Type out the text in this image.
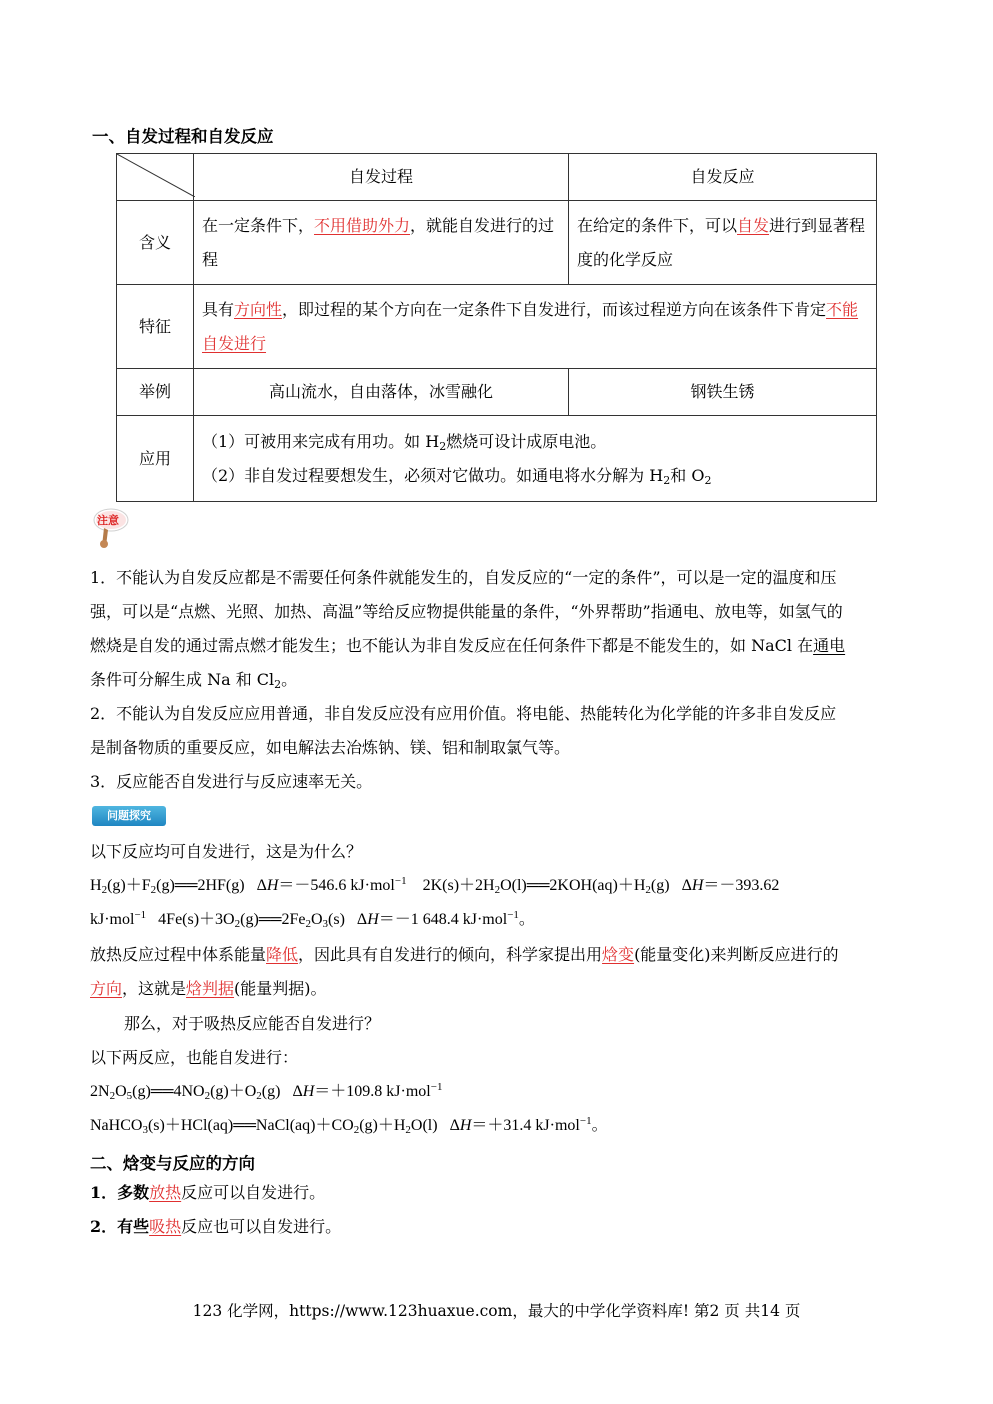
一、自发过程和自发反应
	自发过程	自发反应
含义	在一定条件下，不用借助外力，就能自发进行的过程	在给定的条件下，可以自发进行到显著程度的化学反应
特征	具有方向性，即过程的某个方向在一定条件下自发进行，而该过程逆方向在该条件下肯定不能自发进行	
举例	高山流水，自由落体，冰雪融化	钢铁生锈
应用	（1）可被用来完成有用功。如 $H_2$燃烧可设计成原电池。
（2）非自发过程要想发生，必须对它做功。如通电将水分解为 $H_2$和 $O_2$
注意
1．不能认为自发反应都是不需要任何条件就能发生的，自发反应的“一定的条件”，可以是一定的温度和压
强，可以是“点燃、光照、加热、高温”等给反应物提供能量的条件，“外界帮助”指通电、放电等，如氢气的
燃烧是自发的通过需点燃才能发生；也不能认为非自发反应在任何条件下都是不能发生的，如 NaCl 在通电
条件可分解生成 Na 和 $Cl_2$。
2．不能认为自发反应应用普通，非自发反应没有应用价值。将电能、热能转化为化学能的许多非自发反应
是制备物质的重要反应，如电解法去冶炼钠、镁、铝和制取氯气等。
3．反应能否自发进行与反应速率无关。
问题探究
以下反应均可自发进行，这是为什么？
$H_2(g)+F_2(g)══2HF(g)$   ΔH＝－546.6 kJ·mol$^{-1}$    $2K(s)+2H_2O(l)══2KOH(aq)+H_2(g)$   ΔH＝－393.62
kJ·mol$^{-1}$   $4Fe(s)+3O_2(g)══2Fe_2O_3(s)$   ΔH＝－1 648.4 kJ·mol$^{-1}$。
放热反应过程中体系能量降低，因此具有自发进行的倾向，科学家提出用焓变(能量变化)来判断反应进行的
方向，这就是焓判据(能量判据)。
那么，对于吸热反应能否自发进行？
以下两反应，也能自发进行：
$2N_2O_5(g)══4NO_2(g)+O_2(g)$   ΔH＝＋109.8 kJ·mol$^{-1}$
$NaHCO_3(s)+HCl(aq)══NaCl(aq)+CO_2(g)+H_2O(l)$   ΔH＝＋31.4 kJ·mol$^{-1}$。
二、焓变与反应的方向
1．多数放热反应可以自发进行。
2．有些吸热反应也可以自发进行。
123 化学网，https://www.123huaxue.com，最大的中学化学资料库! 第2 页 共14 页
